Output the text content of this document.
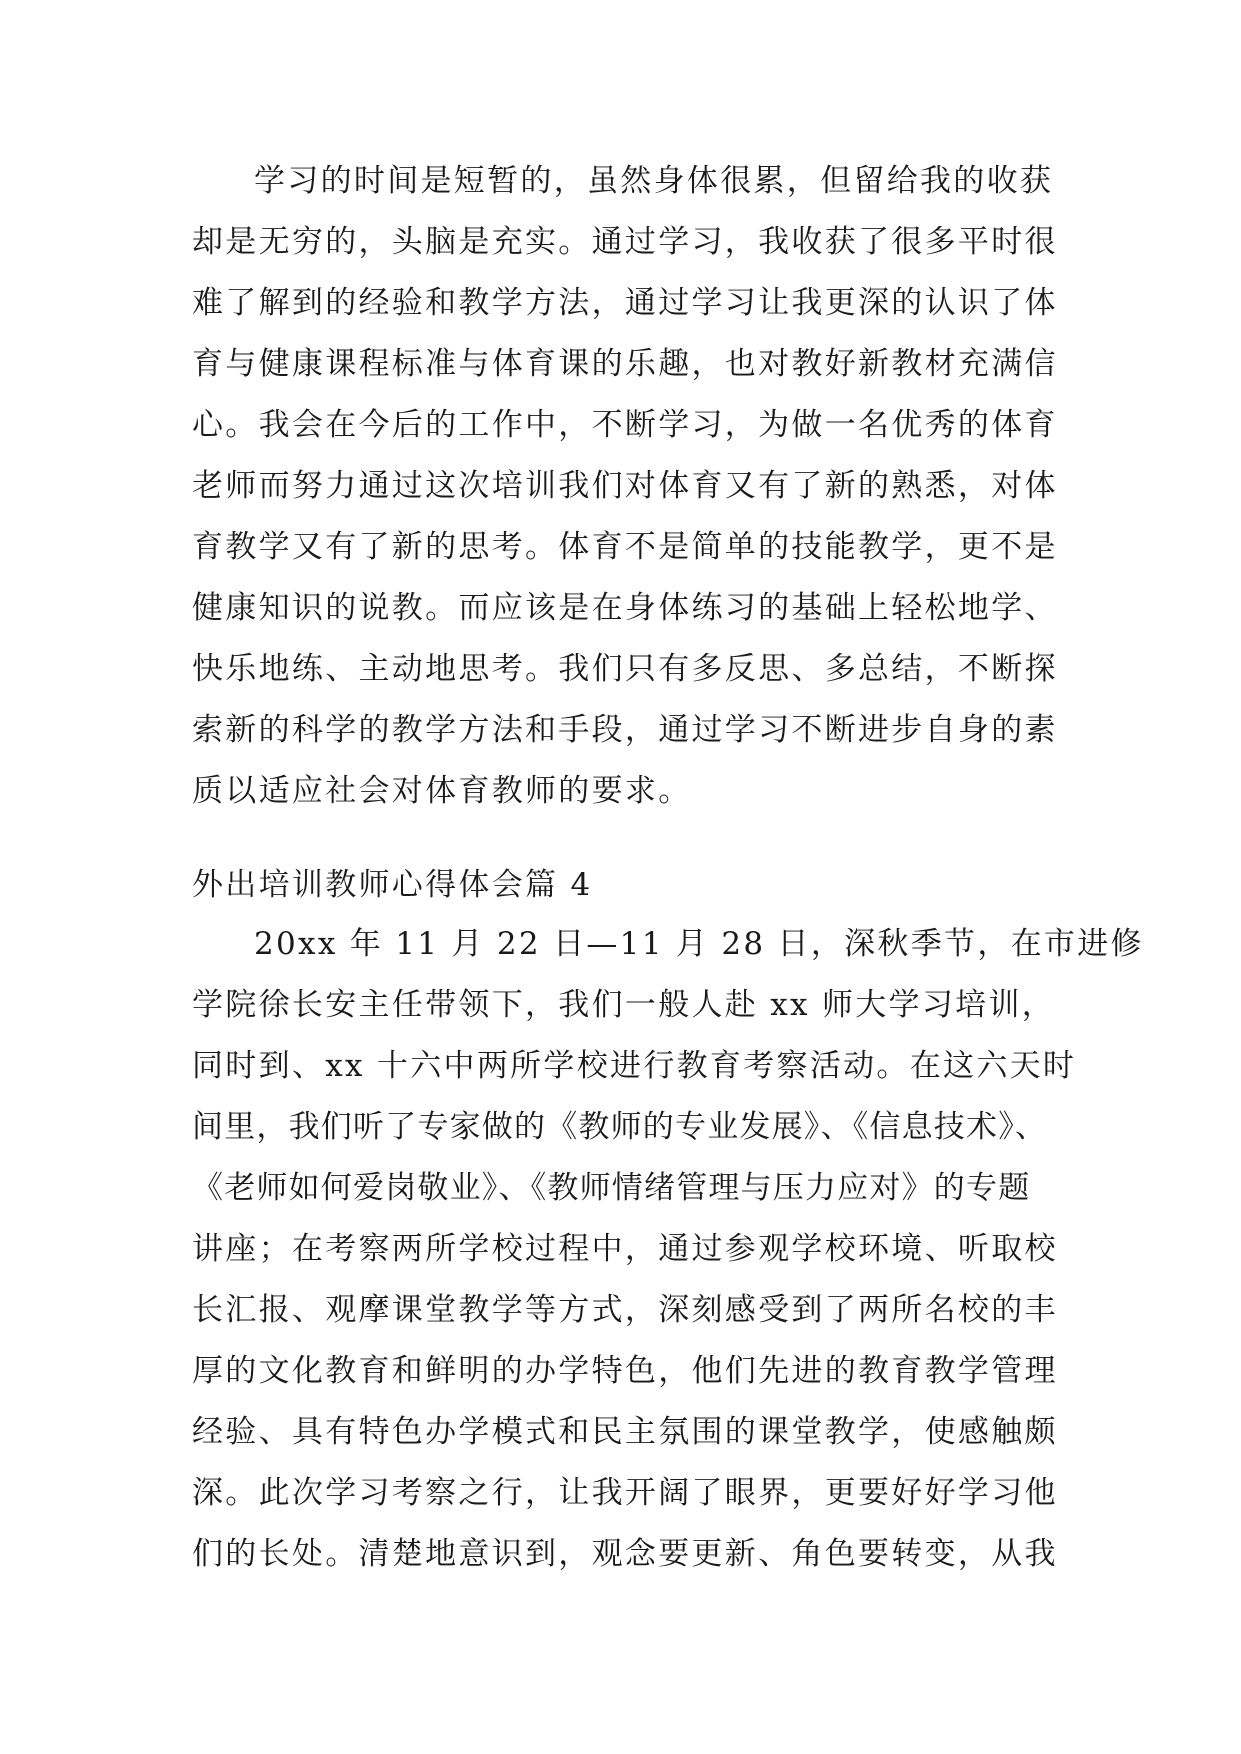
学习的时间是短暂的，虽然身体很累，但留给我的收获
却是无穷的，头脑是充实。通过学习，我收获了很多平时很
难了解到的经验和教学方法，通过学习让我更深的认识了体
育与健康课程标准与体育课的乐趣，也对教好新教材充满信
心。我会在今后的工作中，不断学习，为做一名优秀的体育
老师而努力通过这次培训我们对体育又有了新的熟悉，对体
育教学又有了新的思考。体育不是简单的技能教学，更不是
健康知识的说教。而应该是在身体练习的基础上轻松地学、
快乐地练、主动地思考。我们只有多反思、多总结，不断探
索新的科学的教学方法和手段，通过学习不断进步自身的素
质以适应社会对体育教师的要求。
外出培训教师心得体会篇 4
20xx 年 11 月 22 日—11 月 28 日，深秋季节，在市进修
学院徐长安主任带领下，我们一般人赴 xx 师大学习培训，
同时到、xx 十六中两所学校进行教育考察活动。在这六天时
间里，我们听了专家做的《教师的专业发展》、《信息技术》、
《老师如何爱岗敬业》、《教师情绪管理与压力应对》的专题
讲座；在考察两所学校过程中，通过参观学校环境、听取校
长汇报、观摩课堂教学等方式，深刻感受到了两所名校的丰
厚的文化教育和鲜明的办学特色，他们先进的教育教学管理
经验、具有特色办学模式和民主氛围的课堂教学，使感触颇
深。此次学习考察之行，让我开阔了眼界，更要好好学习他
们的长处。清楚地意识到，观念要更新、角色要转变，从我
